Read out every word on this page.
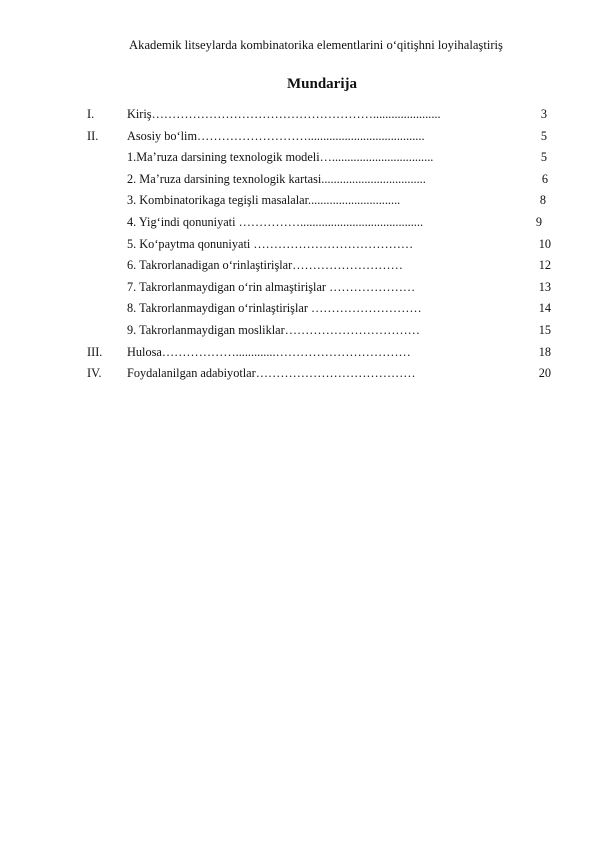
Akademik litseylarda kombinatorika elementlarini o‘qitişhni loyihalaştiriş
Mundarija
I.	Kiriş………………………………………………......................	3
II. Asosiy bo‘lim………………………......................................	5
1.Ma’ruza darsining texnologik modeli….................................	5
2. Ma’ruza darsining texnologik kartasi..................................	6
3. Kombinatorikaga tegişli masalalar..............................	8
4. Yig‘indi qonuniyati ……………........................................	9
5. Ko‘paytma qonuniyati …………………………………	10
6. Takrorlanadigan o‘rinlaştirişlar………………………	12
7. Takrorlanmaydigan o‘rin almaştirişlar …………………	13
8. Takrorlanmaydigan o‘rinlaştirişlar ………………………	14
9. Takrorlanmaydigan mosliklar……………………………	15
III. Hulosa……………….............……………………………	18
IV. Foydalanilgan adabiyotlar…………………………………	20
